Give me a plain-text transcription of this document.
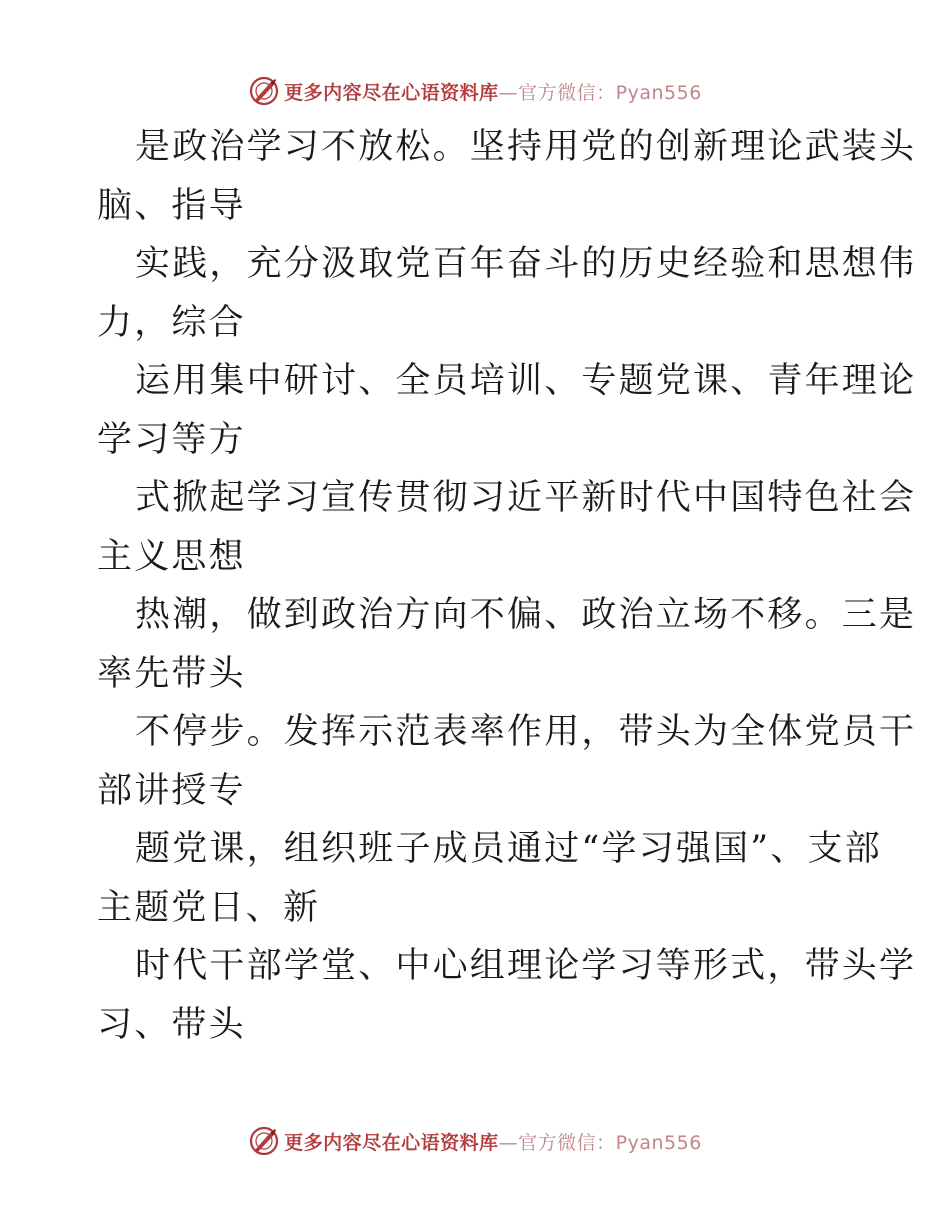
更多内容尽在心语资料库—官方微信：Pyan556
是政治学习不放松。坚持用党的创新理论武装头
脑、指导
实践，充分汲取党百年奋斗的历史经验和思想伟
力，综合
运用集中研讨、全员培训、专题党课、青年理论
学习等方
式掀起学习宣传贯彻习近平新时代中国特色社会
主义思想
热潮，做到政治方向不偏、政治立场不移。三是
率先带头
不停步。发挥示范表率作用，带头为全体党员干
部讲授专
题党课，组织班子成员通过“学习强国”、支部
主题党日、新
时代干部学堂、中心组理论学习等形式，带头学
习、带头
更多内容尽在心语资料库—官方微信：Pyan556
